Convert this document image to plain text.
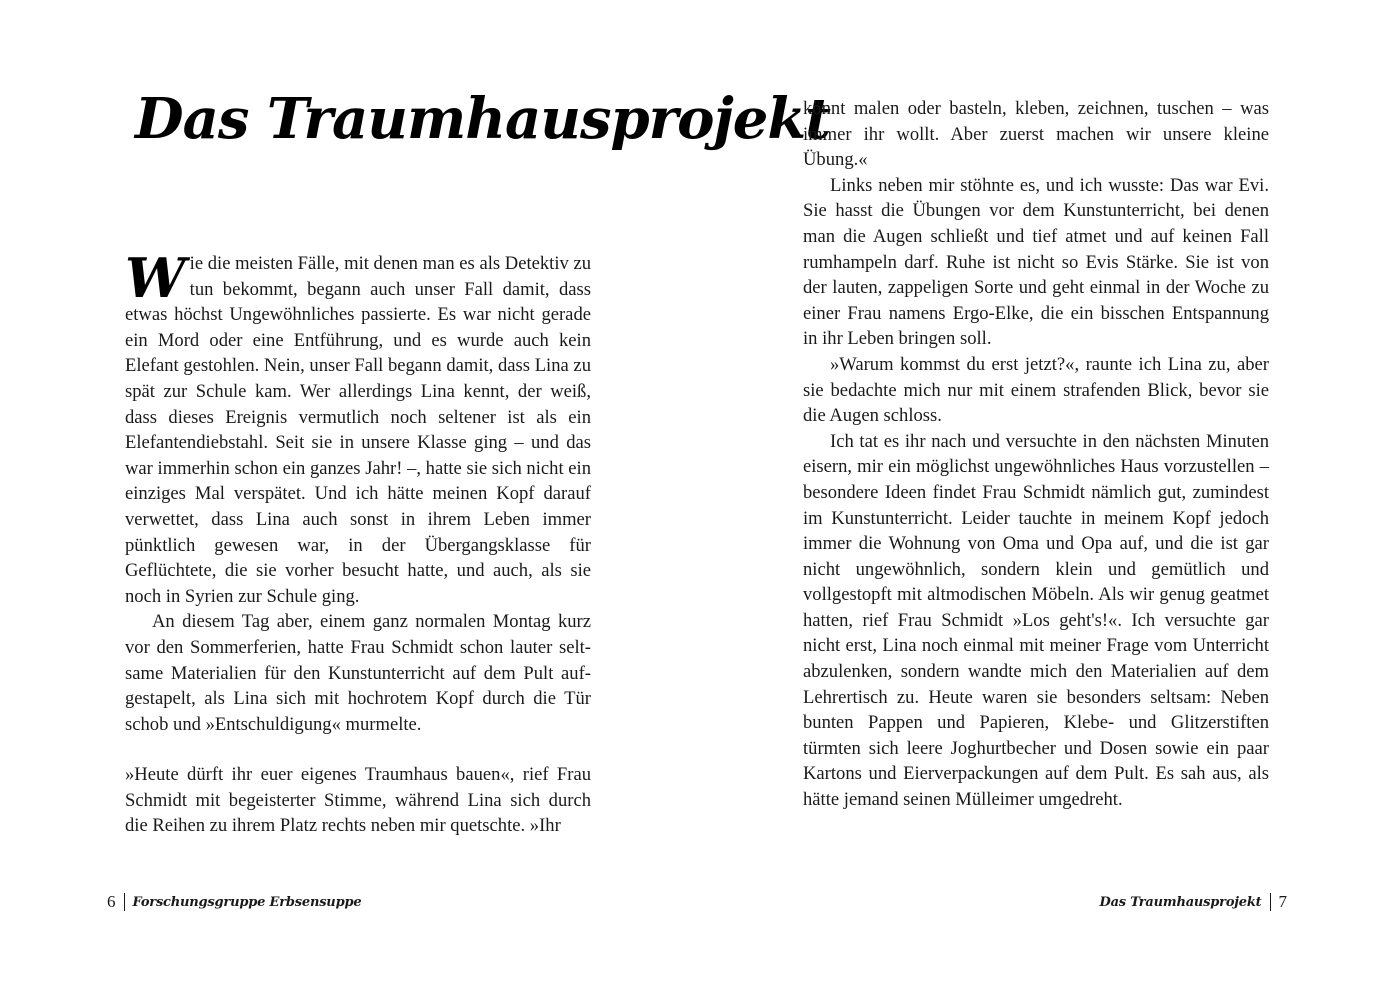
Das Traumhausprojekt

Wie die meisten Fälle, mit denen man es als Detektiv zu tun bekommt, begann auch unser Fall damit, dass etwas höchst Ungewöhnliches passierte. Es war nicht gerade ein Mord oder eine Entführung, und es wurde auch kein Elefant gestohlen. Nein, unser Fall begann damit, dass Lina zu spät zur Schule kam. Wer allerdings Lina kennt, der weiß, dass dieses Ereignis vermutlich noch seltener ist als ein Elefantendiebstahl. Seit sie in unsere Klasse ging – und das war immerhin schon ein ganzes Jahr! –, hatte sie sich nicht ein einziges Mal verspätet. Und ich hätte meinen Kopf darauf verwettet, dass Lina auch sonst in ihrem Leben immer pünktlich gewesen war, in der Übergangsklasse für Geflüchtete, die sie vorher besucht hatte, und auch, als sie noch in Syrien zur Schule ging.

An diesem Tag aber, einem ganz normalen Montag kurz vor den Sommerferien, hatte Frau Schmidt schon lauter seltsame Materialien für den Kunstunterricht auf dem Pult aufgestapelt, als Lina sich mit hochrotem Kopf durch die Tür schob und »Entschuldigung« murmelte.

»Heute dürft ihr euer eigenes Traumhaus bauen«, rief Frau Schmidt mit begeisterter Stimme, während Lina sich durch die Reihen zu ihrem Platz rechts neben mir quetschte. »Ihr

6 Forschungsgruppe Erbsensuppe

könnt malen oder basteln, kleben, zeichnen, tuschen – was immer ihr wollt. Aber zuerst machen wir unsere kleine Übung.«

Links neben mir stöhnte es, und ich wusste: Das war Evi. Sie hasst die Übungen vor dem Kunstunterricht, bei denen man die Augen schließt und tief atmet und auf keinen Fall rumhampeln darf. Ruhe ist nicht so Evis Stärke. Sie ist von der lauten, zappeligen Sorte und geht einmal in der Woche zu einer Frau namens Ergo-Elke, die ein bisschen Entspannung in ihr Leben bringen soll.

»Warum kommst du erst jetzt?«, raunte ich Lina zu, aber sie bedachte mich nur mit einem strafenden Blick, bevor sie die Augen schloss.

Ich tat es ihr nach und versuchte in den nächsten Minuten eisern, mir ein möglichst ungewöhnliches Haus vorzustellen – besondere Ideen findet Frau Schmidt nämlich gut, zumindest im Kunstunterricht. Leider tauchte in meinem Kopf jedoch immer die Wohnung von Oma und Opa auf, und die ist gar nicht ungewöhnlich, sondern klein und gemütlich und vollgestopft mit altmodischen Möbeln. Als wir genug geatmet hatten, rief Frau Schmidt »Los geht's!«. Ich versuchte gar nicht erst, Lina noch einmal mit meiner Frage vom Unterricht abzulenken, sondern wandte mich den Materialien auf dem Lehrertisch zu. Heute waren sie besonders seltsam: Neben bunten Pappen und Papieren, Klebe- und Glitzerstiften türmten sich leere Joghurtbecher und Dosen sowie ein paar Kartons und Eierverpackungen auf dem Pult. Es sah aus, als hätte jemand seinen Mülleimer umgedreht.

Das Traumhausprojekt 7
